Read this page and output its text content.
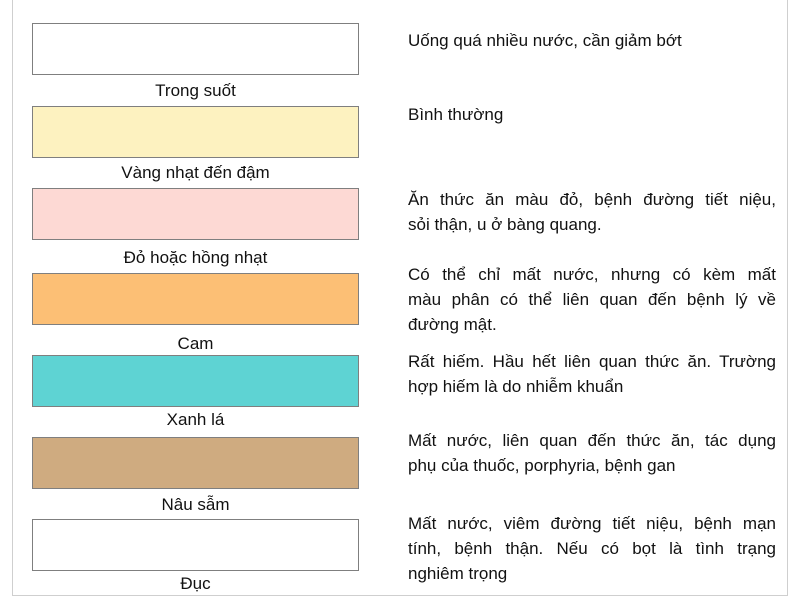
Trong suốt
Uống quá nhiều nước, cần giảm bớt
Vàng nhạt đến đậm
Bình thường
Đỏ hoặc hồng nhạt
Ăn thức ăn màu đỏ, bệnh đường tiết niệu,
sỏi thận, u ở bàng quang.
Cam
Có thể chỉ mất nước, nhưng có kèm mất
màu phân có thể liên quan đến bệnh lý về
đường mật.
Xanh lá
Rất hiếm. Hầu hết liên quan thức ăn. Trường
hợp hiếm là do nhiễm khuẩn
Nâu sẫm
Mất nước, liên quan đến thức ăn, tác dụng
phụ của thuốc, porphyria, bệnh gan
Đục
Mất nước, viêm đường tiết niệu, bệnh mạn
tính, bệnh thận. Nếu có bọt là tình trạng
nghiêm trọng
